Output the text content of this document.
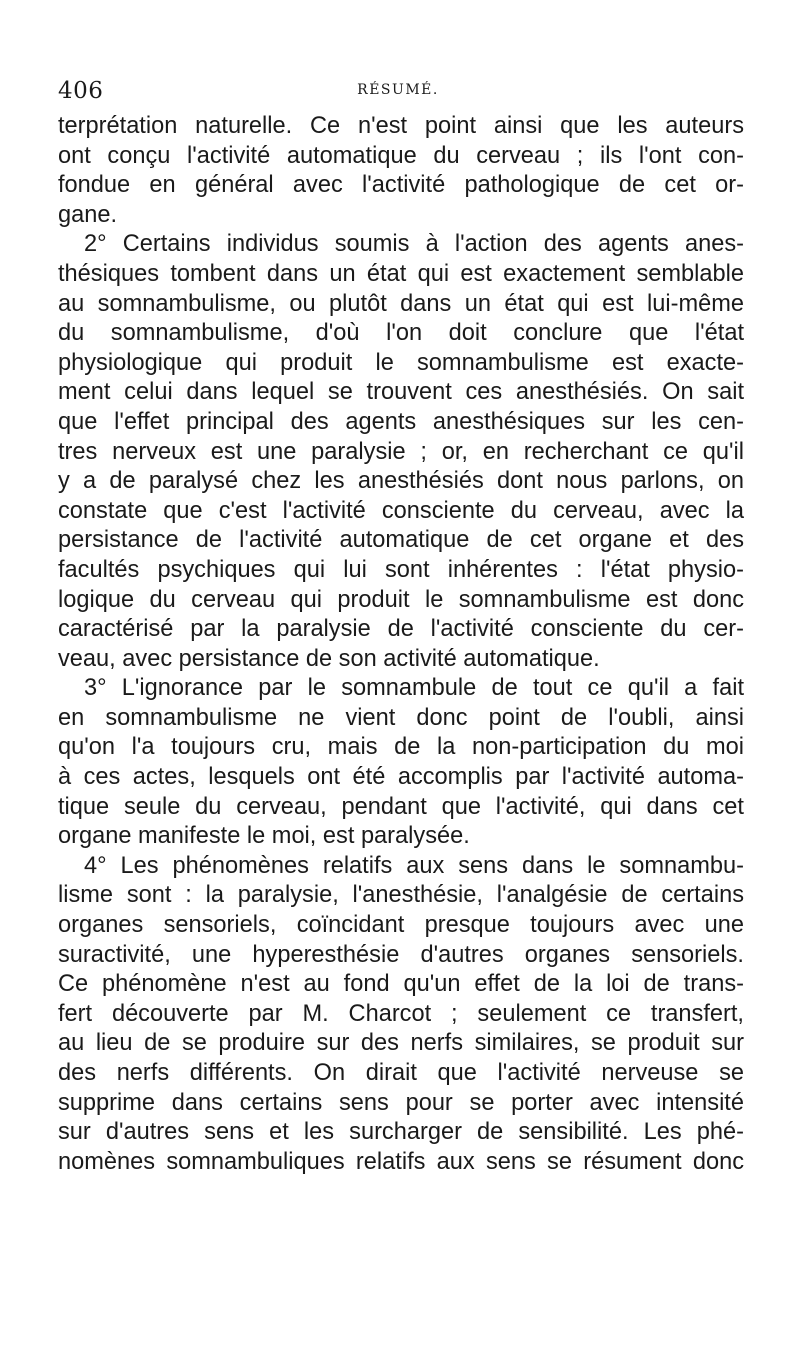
406	RÉSUMÉ.
terprétation naturelle. Ce n'est point ainsi que les auteurs
ont conçu l'activité automatique du cerveau ; ils l'ont con-
fondue en général avec l'activité pathologique de cet or-
gane.
2° Certains individus soumis à l'action des agents anes-
thésiques tombent dans un état qui est exactement semblable
au somnambulisme, ou plutôt dans un état qui est lui-même
du somnambulisme, d'où l'on doit conclure que l'état
physiologique qui produit le somnambulisme est exacte-
ment celui dans lequel se trouvent ces anesthésiés. On sait
que l'effet principal des agents anesthésiques sur les cen-
tres nerveux est une paralysie ; or, en recherchant ce qu'il
y a de paralysé chez les anesthésiés dont nous parlons, on
constate que c'est l'activité consciente du cerveau, avec la
persistance de l'activité automatique de cet organe et des
facultés psychiques qui lui sont inhérentes : l'état physio-
logique du cerveau qui produit le somnambulisme est donc
caractérisé par la paralysie de l'activité consciente du cer-
veau, avec persistance de son activité automatique.
3° L'ignorance par le somnambule de tout ce qu'il a fait
en somnambulisme ne vient donc point de l'oubli, ainsi
qu'on l'a toujours cru, mais de la non-participation du moi
à ces actes, lesquels ont été accomplis par l'activité automa-
tique seule du cerveau, pendant que l'activité, qui dans cet
organe manifeste le moi, est paralysée.
4° Les phénomènes relatifs aux sens dans le somnambu-
lisme sont : la paralysie, l'anesthésie, l'analgésie de certains
organes sensoriels, coïncidant presque toujours avec une
suractivité, une hyperesthésie d'autres organes sensoriels.
Ce phénomène n'est au fond qu'un effet de la loi de trans-
fert découverte par M. Charcot ; seulement ce transfert,
au lieu de se produire sur des nerfs similaires, se produit sur
des nerfs différents. On dirait que l'activité nerveuse se
supprime dans certains sens pour se porter avec intensité
sur d'autres sens et les surcharger de sensibilité. Les phé-
nomènes somnambuliques relatifs aux sens se résument donc
